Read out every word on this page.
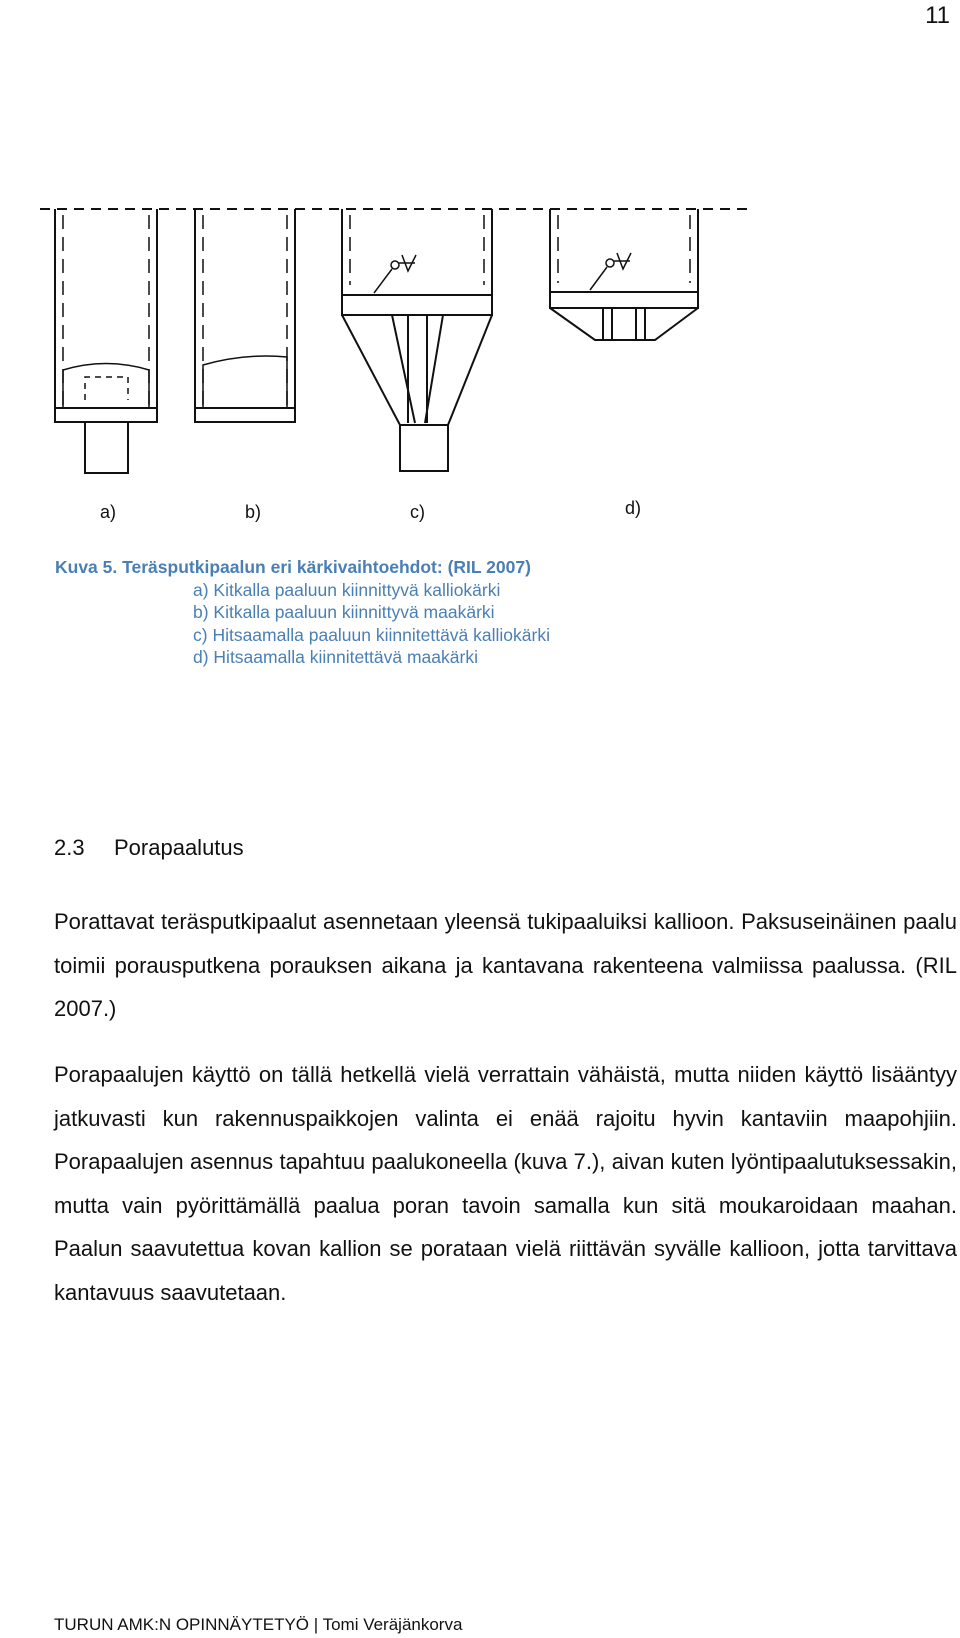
11
a)	b)	c)	d)
Kuva 5. Teräsputkipaalun eri kärkivaihtoehdot: (RIL 2007)
a) Kitkalla paaluun kiinnittyvä kalliokärki
b) Kitkalla paaluun kiinnittyvä maakärki
c) Hitsaamalla paaluun kiinnitettävä kalliokärki
d) Hitsaamalla kiinnitettävä maakärki
2.3 Porapaalutus

Porattavat teräsputkipaalut asennetaan yleensä tukipaaluiksi kallioon. Paksuseinäinen paalu toimii porausputkena porauksen aikana ja kantavana rakenteena valmiissa paalussa. (RIL 2007.)

Porapaalujen käyttö on tällä hetkellä vielä verrattain vähäistä, mutta niiden käyttö lisääntyy jatkuvasti kun rakennuspaikkojen valinta ei enää rajoitu hyvin kantaviin maapohjiin. Porapaalujen asennus tapahtuu paalukoneella (kuva 7.), aivan kuten lyöntipaalutuksessakin, mutta vain pyörittämällä paalua poran tavoin samalla kun sitä moukaroidaan maahan. Paalun saavutettua kovan kallion se porataan vielä riittävän syvälle kallioon, jotta tarvittava kantavuus saavutetaan.

TURUN AMK:N OPINNÄYTETYÖ | Tomi Veräjänkorva
